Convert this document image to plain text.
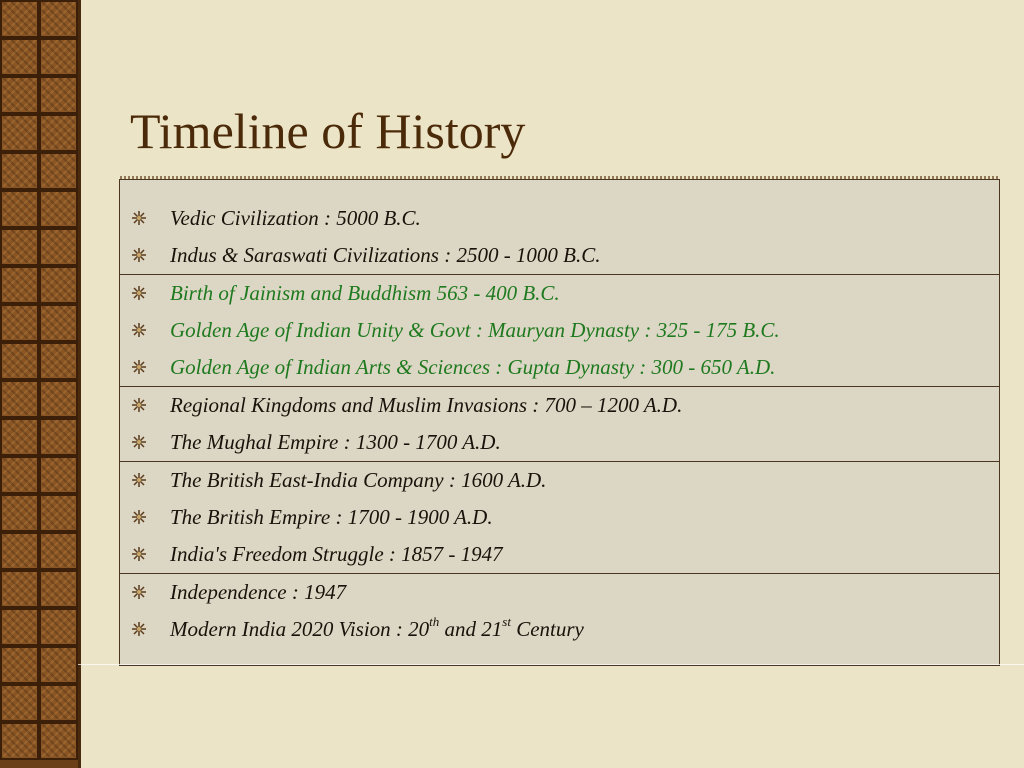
Timeline of History
Vedic Civilization : 5000 B.C.
Indus & Saraswati Civilizations : 2500 - 1000 B.C.
Birth of Jainism and Buddhism 563 - 400 B.C.
Golden Age of Indian Unity & Govt : Mauryan Dynasty : 325 - 175 B.C.
Golden Age of Indian Arts & Sciences : Gupta Dynasty : 300 - 650 A.D.
Regional Kingdoms and Muslim Invasions : 700 – 1200 A.D.
The Mughal Empire : 1300 - 1700 A.D.
The British East-India Company : 1600 A.D.
The British Empire : 1700 - 1900 A.D.
India's Freedom Struggle : 1857 - 1947
Independence : 1947
Modern India 2020 Vision : 20th and 21st Century
